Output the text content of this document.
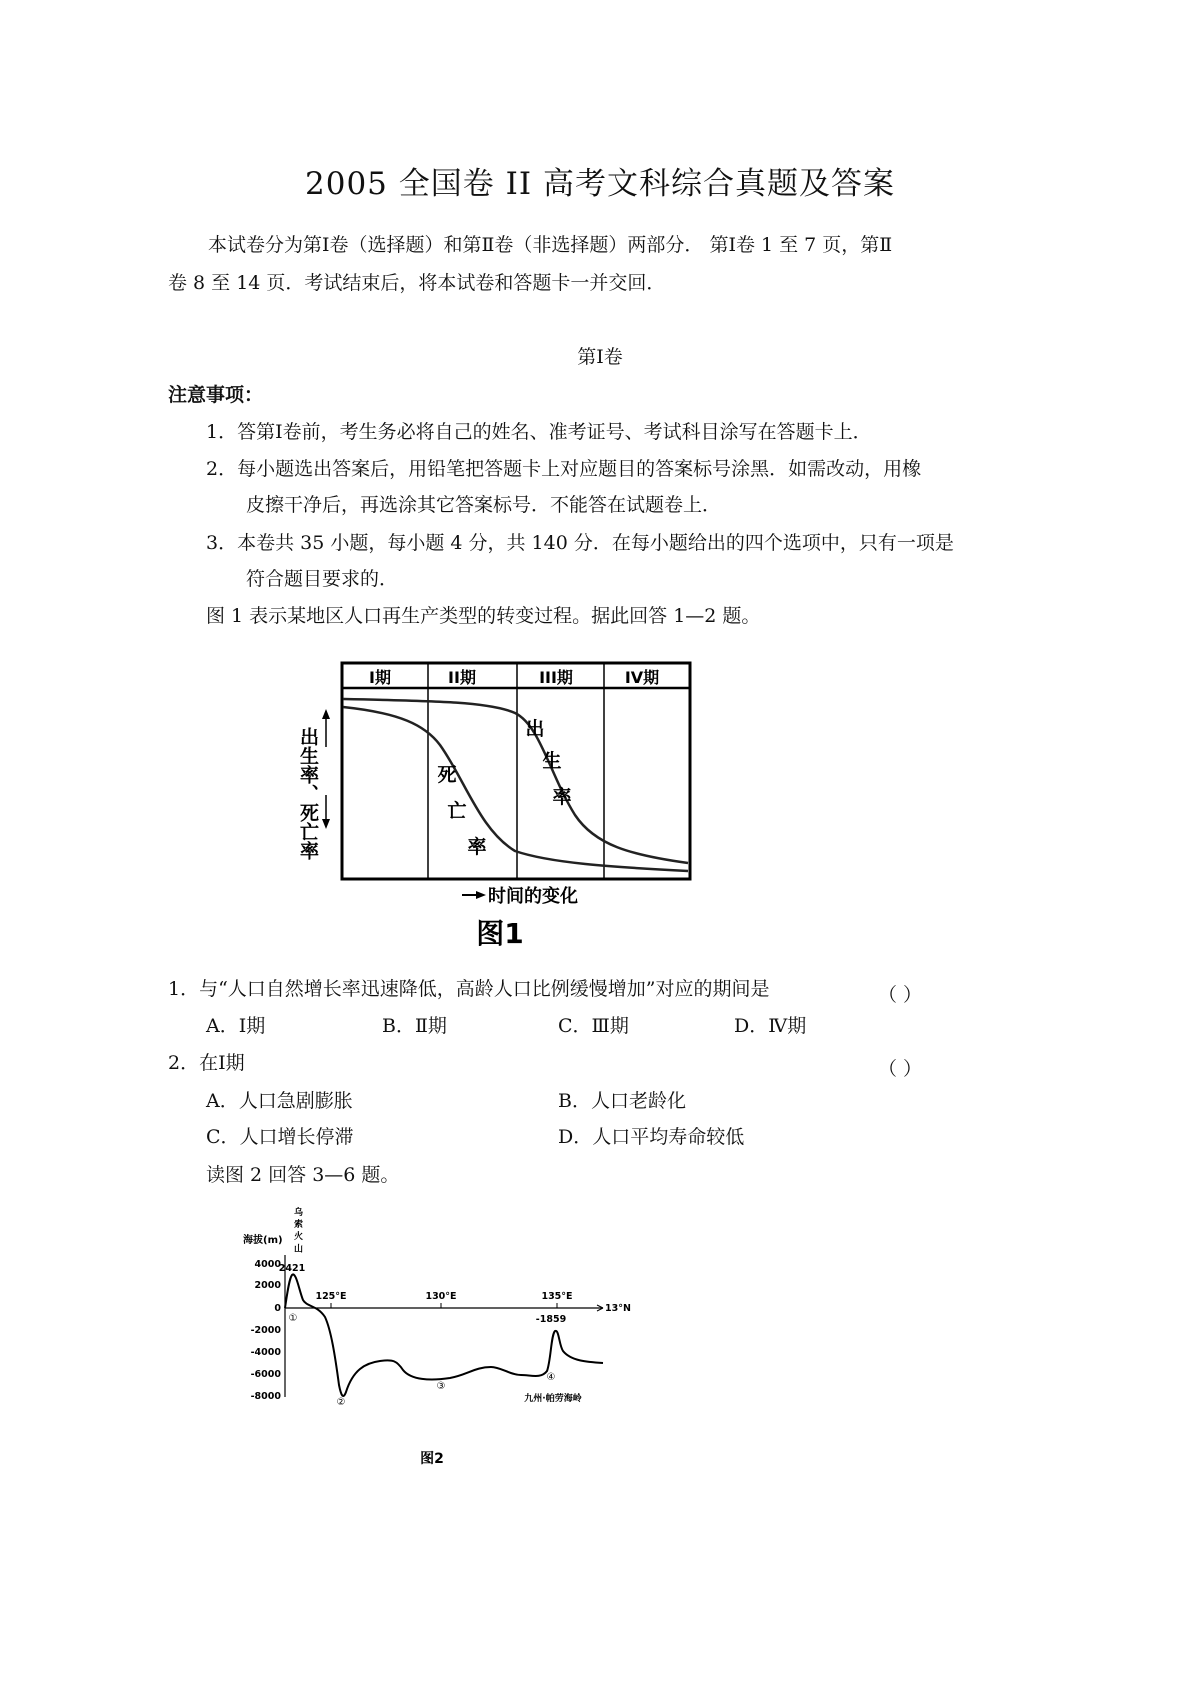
2005 全国卷 II 高考文科综合真题及答案
本试卷分为第Ⅰ卷（选择题）和第Ⅱ卷（非选择题）两部分． 第Ⅰ卷 1 至 7 页，第Ⅱ
卷 8 至 14 页．考试结束后，将本试卷和答题卡一并交回．
第Ⅰ卷
注意事项：
1．答第Ⅰ卷前，考生务必将自己的姓名、准考证号、考试科目涂写在答题卡上．
2．每小题选出答案后，用铅笔把答题卡上对应题目的答案标号涂黑．如需改动，用橡
皮擦干净后，再选涂其它答案标号．不能答在试题卷上．
3．本卷共 35 小题，每小题 4 分，共 140 分．在每小题给出的四个选项中，只有一项是
符合题目要求的．
图 1 表示某地区人口再生产类型的转变过程。据此回答 1—2 题。
I期	II期	III期	IV期
出
生
率
死
亡
率
出生率、死亡率
时间的变化
图1
1．与“人口自然增长率迅速降低，高龄人口比例缓慢增加”对应的期间是	（ ）
A．Ⅰ期	B．Ⅱ期	C．Ⅲ期	D．Ⅳ期
2．在Ⅰ期	（ ）
A．人口急剧膨胀	B．人口老龄化
C．人口增长停滞	D．人口平均寿命较低
读图 2 回答 3—6 题。
乌 索 火 山
海拔(m)
4000
2000
0
-2000
-4000
-6000
-8000
125°E	130°E	135°E
13°N
2421
-1859
①
②
③
④
九州·帕劳海岭
图2
